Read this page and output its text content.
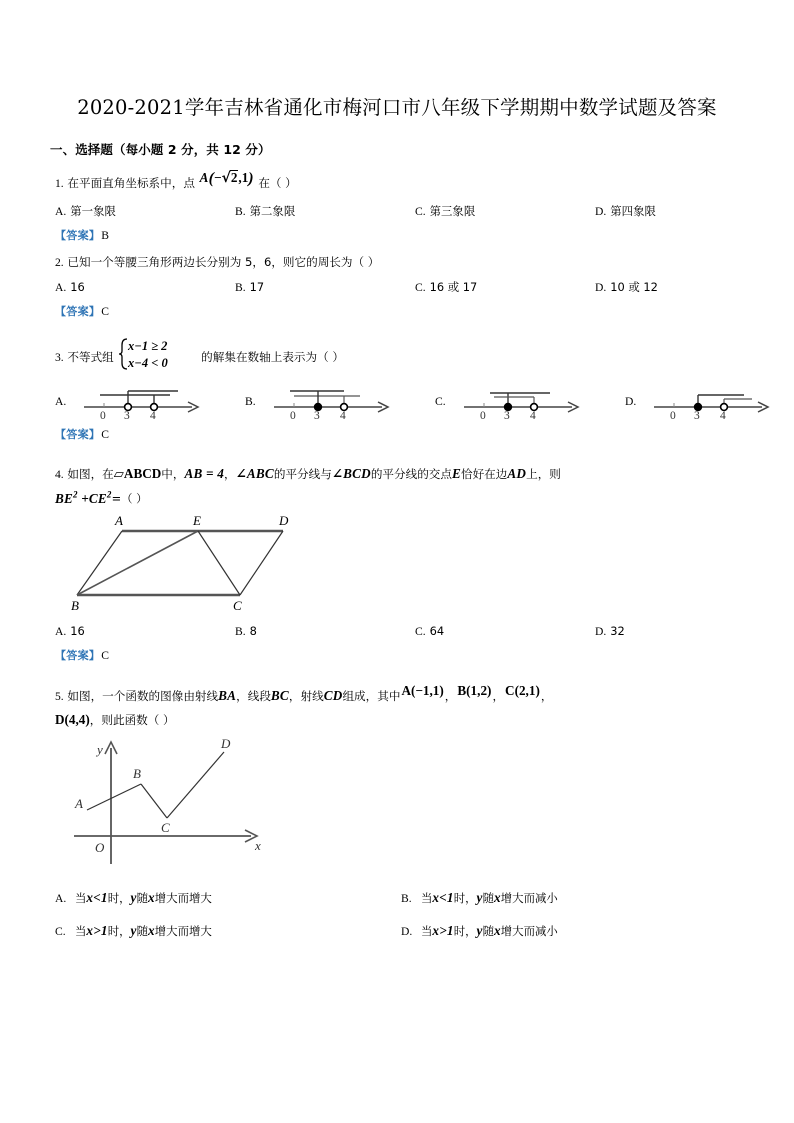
2020-2021学年吉林省通化市梅河口市八年级下学期期中数学试题及答案
一、选择题（每小题 2 分，共 12 分）
1. 在平面直角坐标系中，点 A(−√2,1) 在（ ）
A. 第一象限	B. 第二象限	C. 第三象限	D. 第四象限
【答案】B
2. 已知一个等腰三角形两边长分别为 5，6，则它的周长为（ ）
A. 16	B. 17	C. 16 或 17	D. 10 或 12
【答案】C
3. 不等式组
x−1 ≥ 2
x−4 < 0	的解集在数轴上表示为（ ）
A.
0 3 4
B.
0 3 4
C.
0 3 4
D.
0 3 4
【答案】C
4. 如图，在▱ABCD中，AB = 4，∠ABC的平分线与∠BCD的平分线的交点E恰好在边AD上，则
$BE^2 +CE^2=$（ ）
A	E	D
B	C
A. 16	B. 8	C. 64	D. 32
【答案】C
5. 如图，一个函数的图像由射线BA，线段BC，射线CD组成，其中A(−1,1)，B(1,2)，C(2,1)，
D(4,4)，则此函数（ ）
y
x
O
A
B
C
D
A. 当 x<1 时， y 随 x 增大而增大	B. 当 x<1 时， y 随 x 增大而减小
C. 当 x>1 时， y 随 x 增大而增大	D. 当 x>1 时， y 随 x 增大而减小
